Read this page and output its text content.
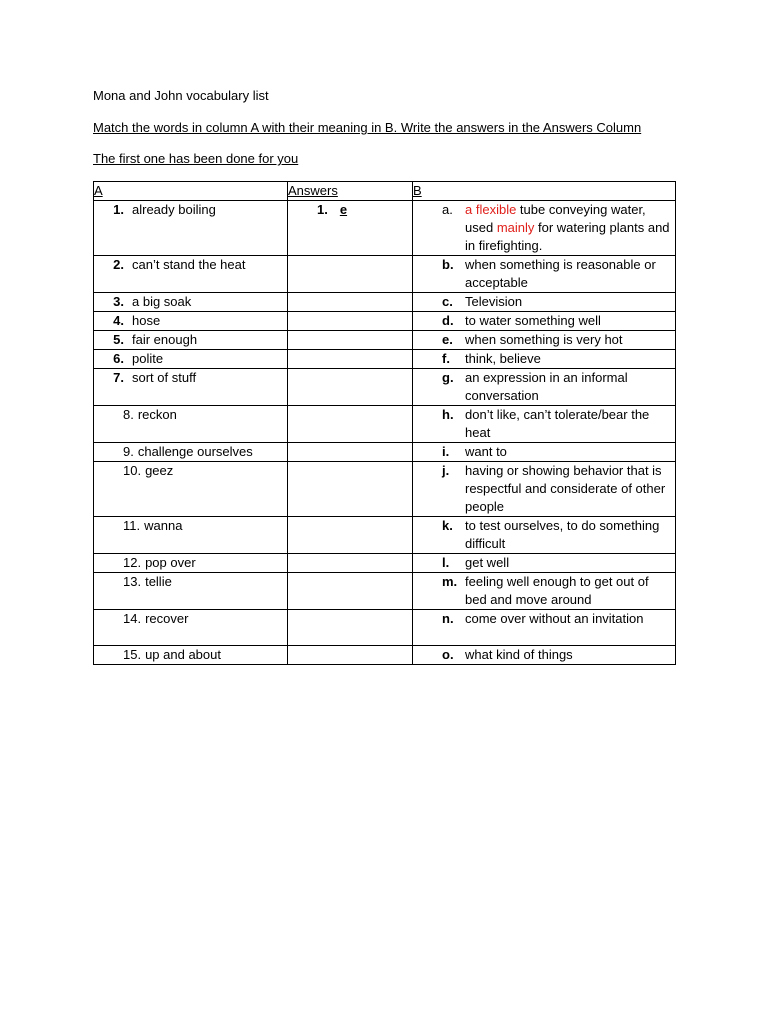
Mona and John vocabulary list
Match the words in column A with their meaning in B. Write the answers in the Answers Column
The first one has been done for you
A	Answers	B

1. already boiling	1. e	a. a flexible tube conveying water, used mainly for watering plants and in firefighting.

2. can’t stand the heat		b. when something is reasonable or acceptable

3. a big soak		c. Television

4. hose		d. to water something well

5. fair enough		e. when something is very hot

6. polite		f. think, believe

7. sort of stuff		g. an expression in an informal conversation

8. reckon		h. don’t like, can’t tolerate/bear the heat

9. challenge ourselves		i. want to

10. geez		j. having or showing behavior that is respectful and considerate of other people

11. wanna		k. to test ourselves, to do something difficult

12. pop over		l. get well

13. tellie		m. feeling well enough to get out of bed and move around

14. recover		n. come over without an invitation

15. up and about		o. what kind of things
